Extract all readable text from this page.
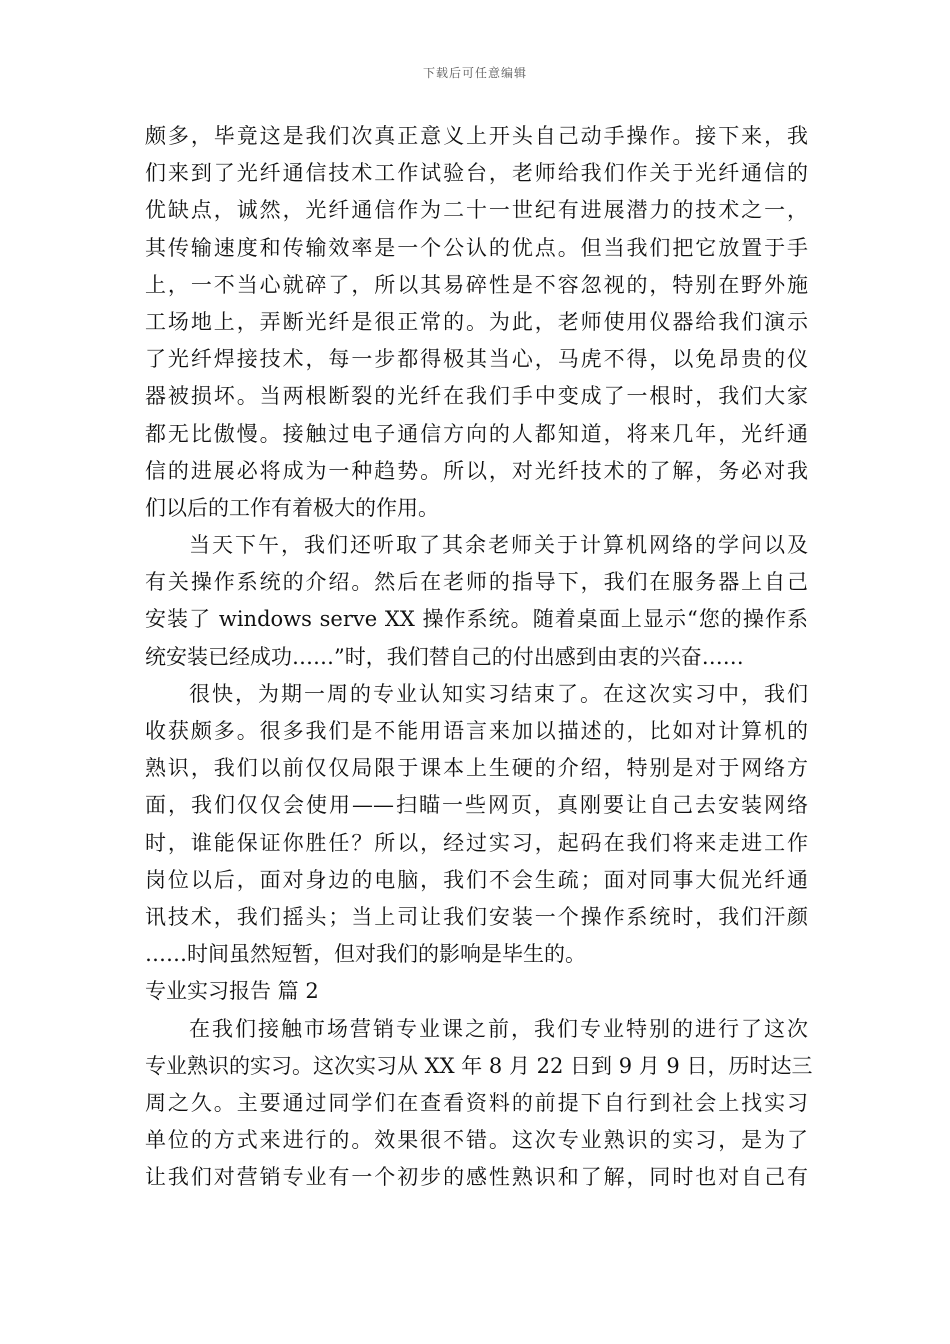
下载后可任意编辑
颇多，毕竟这是我们次真正意义上开头自己动手操作。接下来，我
们来到了光纤通信技术工作试验台，老师给我们作关于光纤通信的
优缺点，诚然，光纤通信作为二十一世纪有进展潜力的技术之一，
其传输速度和传输效率是一个公认的优点。但当我们把它放置于手
上，一不当心就碎了，所以其易碎性是不容忽视的，特别在野外施
工场地上，弄断光纤是很正常的。为此，老师使用仪器给我们演示
了光纤焊接技术，每一步都得极其当心，马虎不得，以免昂贵的仪
器被损坏。当两根断裂的光纤在我们手中变成了一根时，我们大家
都无比傲慢。接触过电子通信方向的人都知道，将来几年，光纤通
信的进展必将成为一种趋势。所以，对光纤技术的了解，务必对我
们以后的工作有着极大的作用。
当天下午，我们还听取了其余老师关于计算机网络的学问以及
有关操作系统的介绍。然后在老师的指导下，我们在服务器上自己
安装了 windows serve XX 操作系统。随着桌面上显示“您的操作系
统安装已经成功……”时，我们替自己的付出感到由衷的兴奋……
很快，为期一周的专业认知实习结束了。在这次实习中，我们
收获颇多。很多我们是不能用语言来加以描述的，比如对计算机的
熟识，我们以前仅仅局限于课本上生硬的介绍，特别是对于网络方
面，我们仅仅会使用——扫瞄一些网页，真刚要让自己去安装网络
时，谁能保证你胜任？所以，经过实习，起码在我们将来走进工作
岗位以后，面对身边的电脑，我们不会生疏；面对同事大侃光纤通
讯技术，我们摇头；当上司让我们安装一个操作系统时，我们汗颜
……时间虽然短暂，但对我们的影响是毕生的。
专业实习报告 篇 2
在我们接触市场营销专业课之前，我们专业特别的进行了这次
专业熟识的实习。这次实习从 XX 年 8 月 22 日到 9 月 9 日，历时达三
周之久。主要通过同学们在查看资料的前提下自行到社会上找实习
单位的方式来进行的。效果很不错。这次专业熟识的实习，是为了
让我们对营销专业有一个初步的感性熟识和了解，同时也对自己有
